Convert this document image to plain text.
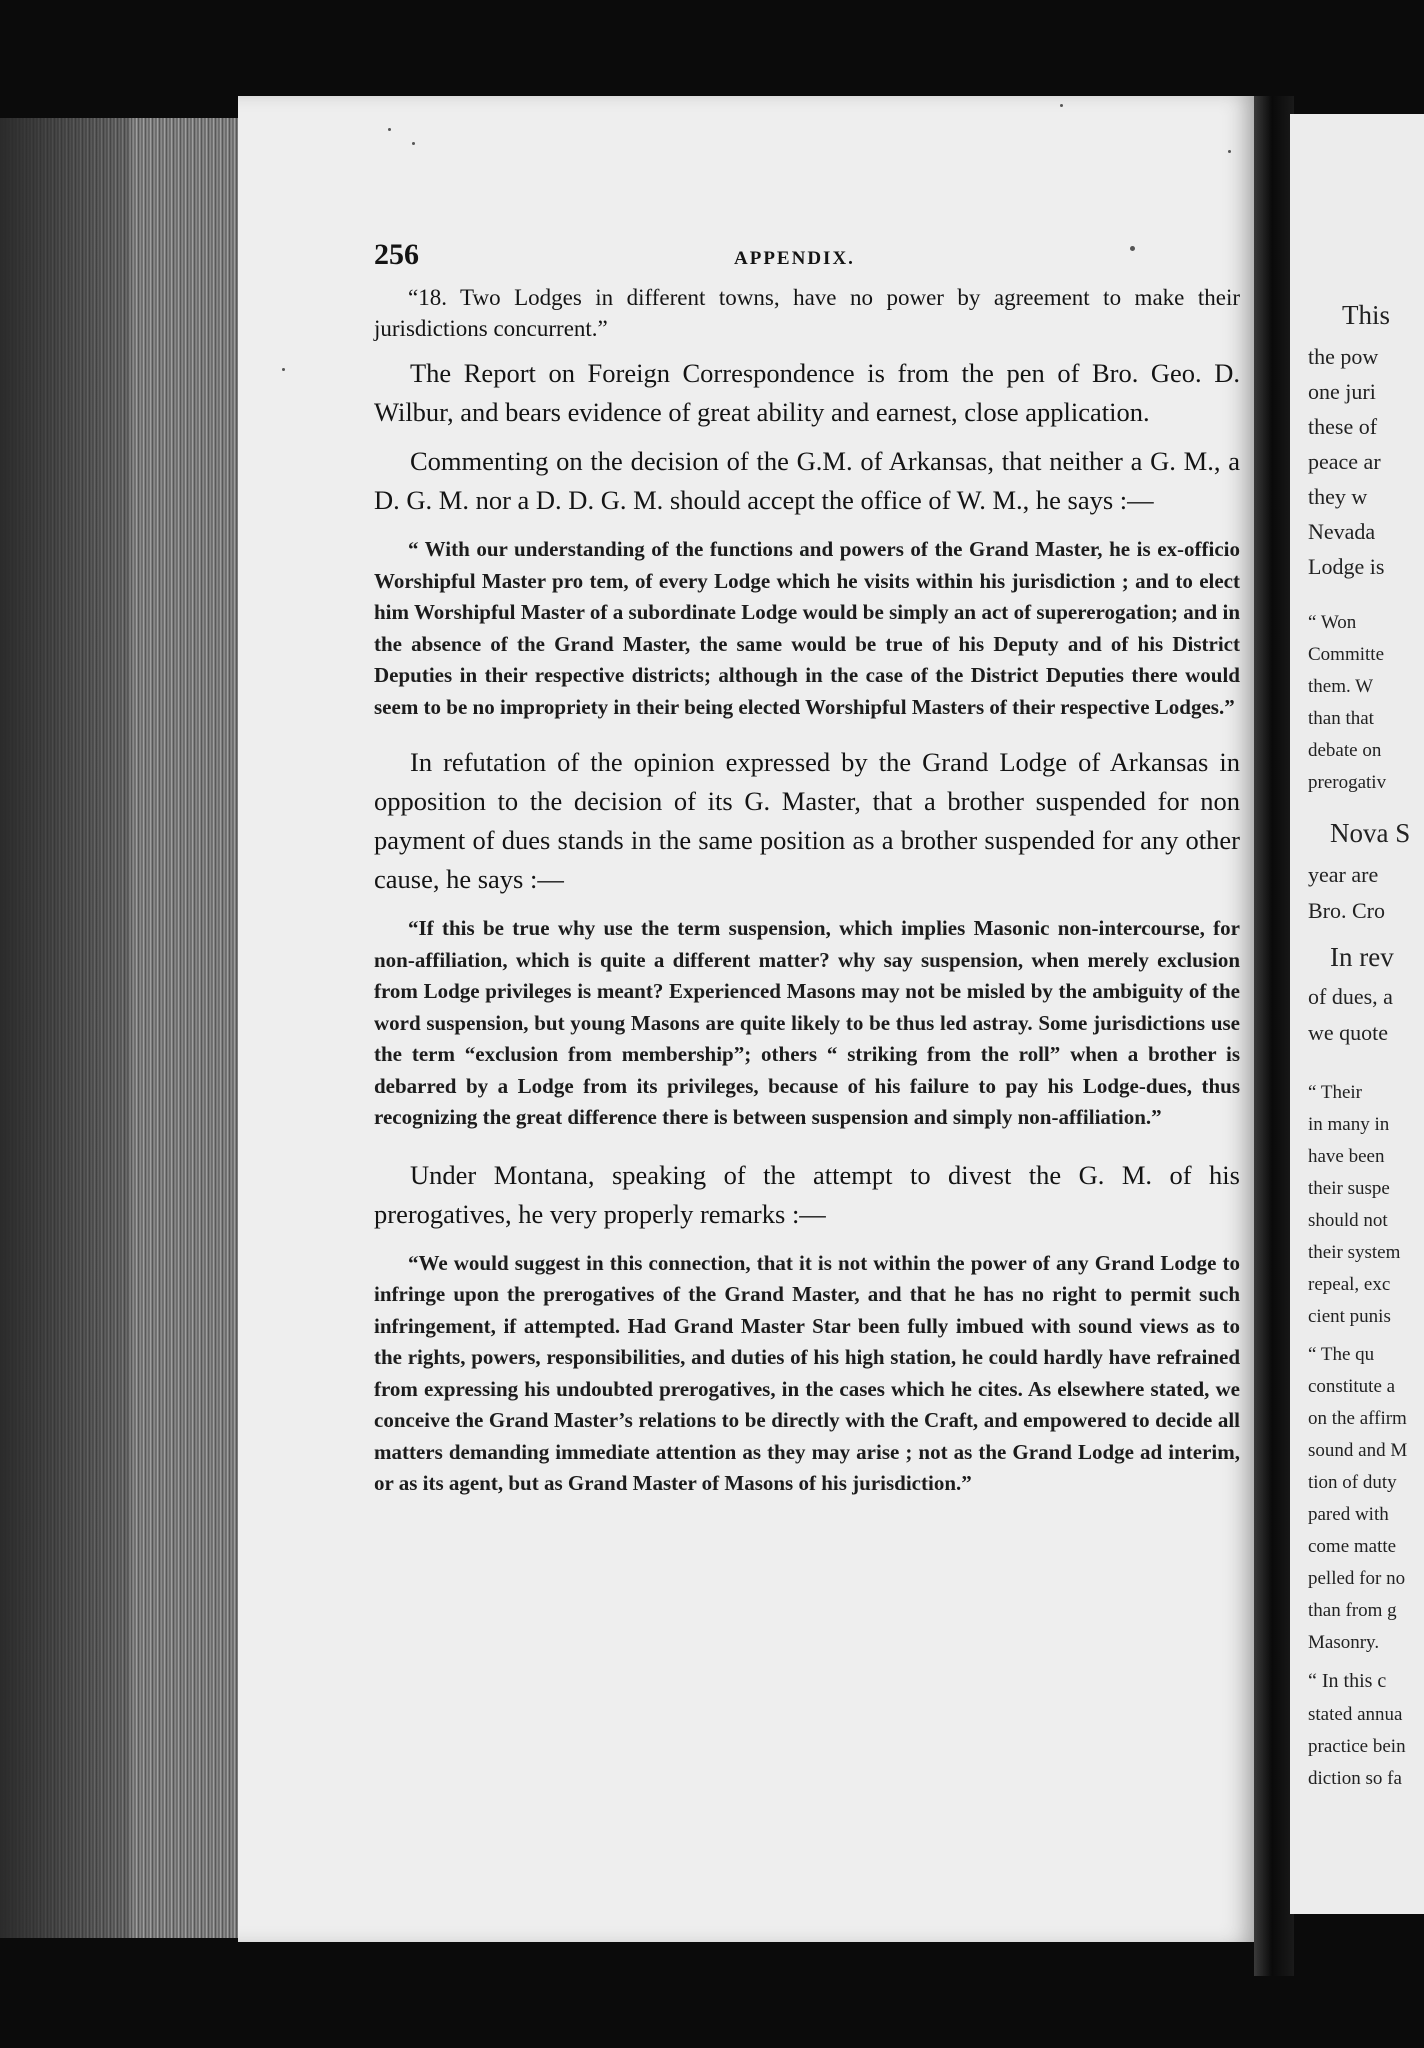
This
the pow
one juri
these of
peace ar
they w
Nevada
Lodge is
“ Won
Committe
them. W
than that
debate on
prerogativ
Nova S
year are
Bro. Cro
In rev
of dues, a
we quote
“ Their
in many in
have been
their suspe
should not
their system
repeal, exc
cient punis
“ The qu
constitute a
on the affirm
sound and M
tion of duty
pared with
come matte
pelled for no
than from g
Masonry.
“ In this c
stated annua
practice bein
diction so fa
256	APPENDIX.

“18. Two Lodges in different towns, have no power by agreement to make their jurisdictions concurrent.”

The Report on Foreign Correspondence is from the pen of Bro. Geo. D. Wilbur, and bears evidence of great ability and earnest, close application.

Commenting on the decision of the G.M. of Arkansas, that neither a G. M., a D. G. M. nor a D. D. G. M. should accept the office of W. M., he says :—

“ With our understanding of the functions and powers of the Grand Master, he is ex-officio Worshipful Master pro tem, of every Lodge which he visits within his jurisdiction ; and to elect him Worshipful Master of a subordinate Lodge would be simply an act of supererogation; and in the absence of the Grand Master, the same would be true of his Deputy and of his District Deputies in their respective districts; although in the case of the District Deputies there would seem to be no impropriety in their being elected Worshipful Masters of their respective Lodges.”

In refutation of the opinion expressed by the Grand Lodge of Arkansas in opposition to the decision of its G. Master, that a brother suspended for non payment of dues stands in the same position as a brother suspended for any other cause, he says :—

“If this be true why use the term suspension, which implies Masonic non-intercourse, for non-affiliation, which is quite a different matter? why say suspension, when merely exclusion from Lodge privileges is meant? Experienced Masons may not be misled by the ambiguity of the word suspension, but young Masons are quite likely to be thus led astray. Some jurisdictions use the term “exclusion from membership”; others “ striking from the roll” when a brother is debarred by a Lodge from its privileges, because of his failure to pay his Lodge-dues, thus recognizing the great difference there is between suspension and simply non-affiliation.”

Under Montana, speaking of the attempt to divest the G. M. of his prerogatives, he very properly remarks :—

“We would suggest in this connection, that it is not within the power of any Grand Lodge to infringe upon the prerogatives of the Grand Master, and that he has no right to permit such infringement, if attempted. Had Grand Master Star been fully imbued with sound views as to the rights, powers, responsibilities, and duties of his high station, he could hardly have refrained from expressing his undoubted prerogatives, in the cases which he cites. As elsewhere stated, we conceive the Grand Master’s relations to be directly with the Craft, and empowered to decide all matters demanding immediate attention as they may arise ; not as the Grand Lodge ad interim, or as its agent, but as Grand Master of Masons of his jurisdiction.”
